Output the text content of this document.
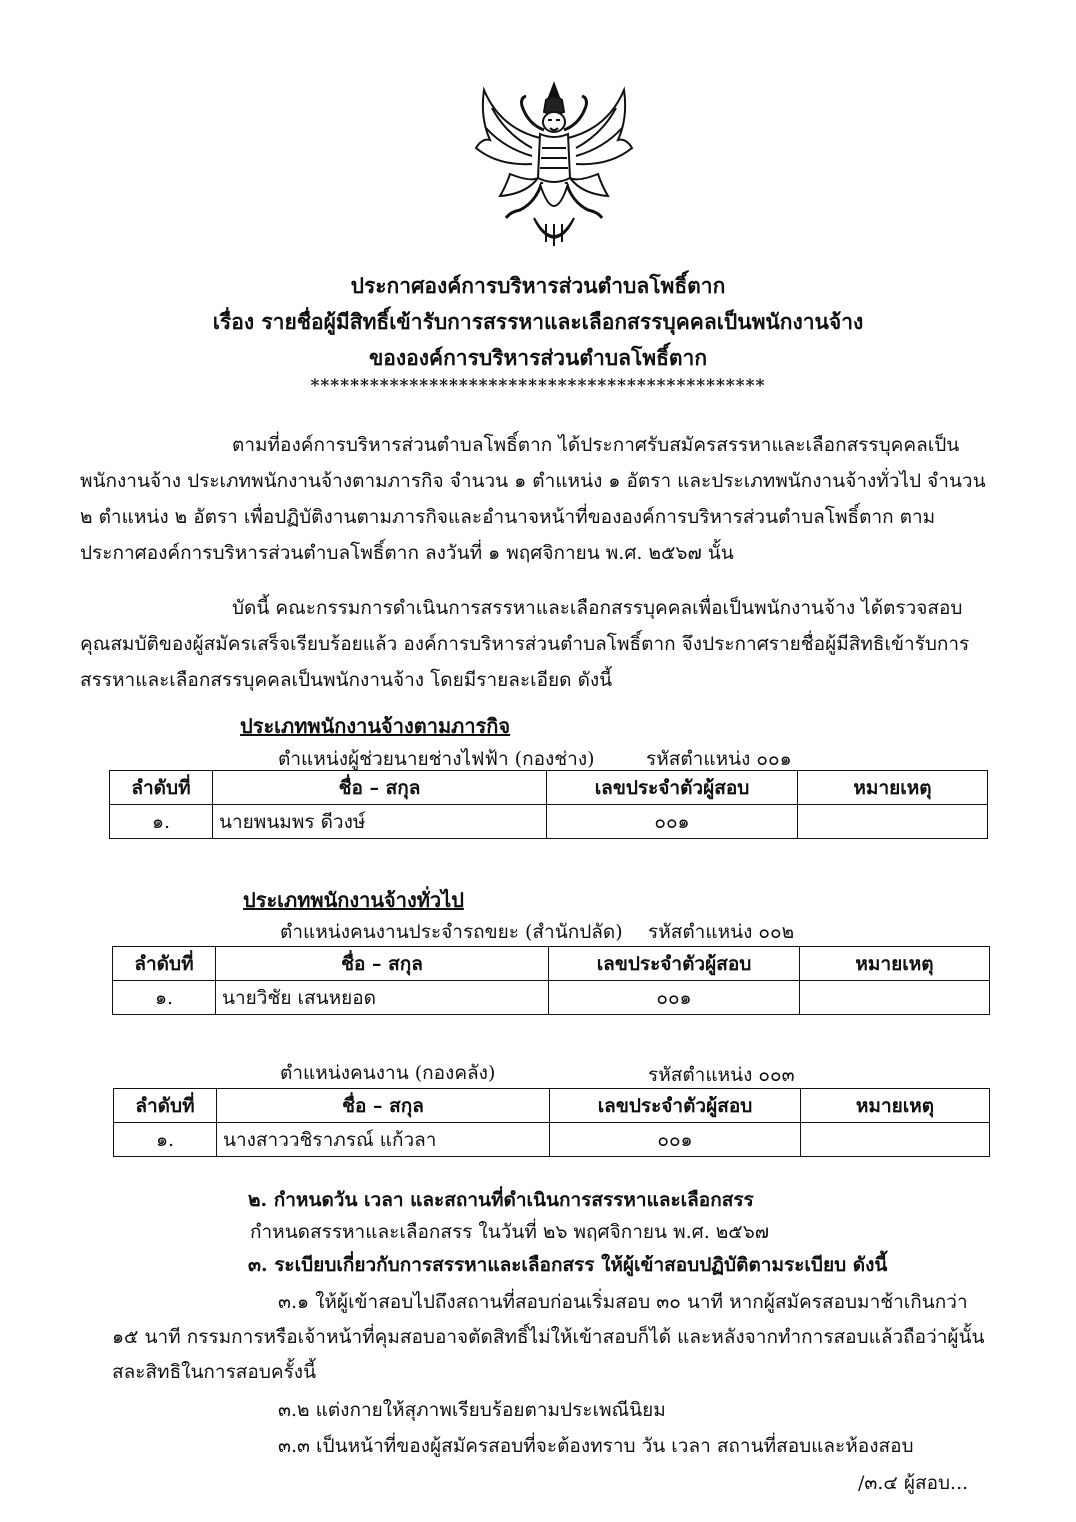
ประกาศองค์การบริหารส่วนตำบลโพธิ์ตาก
เรื่อง รายชื่อผู้มีสิทธิ์เข้ารับการสรรหาและเลือกสรรบุคคลเป็นพนักงานจ้าง
ขององค์การบริหารส่วนตำบลโพธิ์ตาก
**********************************************
ตามที่องค์การบริหารส่วนตำบลโพธิ์ตาก ได้ประกาศรับสมัครสรรหาและเลือกสรรบุคคลเป็น
พนักงานจ้าง ประเภทพนักงานจ้างตามภารกิจ จำนวน ๑ ตำแหน่ง ๑ อัตรา และประเภทพนักงานจ้างทั่วไป จำนวน
๒ ตำแหน่ง ๒ อัตรา เพื่อปฏิบัติงานตามภารกิจและอำนาจหน้าที่ขององค์การบริหารส่วนตำบลโพธิ์ตาก ตาม
ประกาศองค์การบริหารส่วนตำบลโพธิ์ตาก ลงวันที่ ๑ พฤศจิกายน พ.ศ. ๒๕๖๗ นั้น
บัดนี้ คณะกรรมการดำเนินการสรรหาและเลือกสรรบุคคลเพื่อเป็นพนักงานจ้าง ได้ตรวจสอบ
คุณสมบัติของผู้สมัครเสร็จเรียบร้อยแล้ว องค์การบริหารส่วนตำบลโพธิ์ตาก จึงประกาศรายชื่อผู้มีสิทธิเข้ารับการ
สรรหาและเลือกสรรบุคคลเป็นพนักงานจ้าง โดยมีรายละเอียด ดังนี้
ประเภทพนักงานจ้างตามภารกิจ
ตำแหน่งผู้ช่วยนายช่างไฟฟ้า (กองช่าง)	รหัสตำแหน่ง ๐๐๑
ลำดับที่	ชื่อ – สกุล	เลขประจำตัวผู้สอบ	หมายเหตุ
๑.	นายพนมพร ดีวงษ์	๐๐๑	
ประเภทพนักงานจ้างทั่วไป
ตำแหน่งคนงานประจำรถขยะ (สำนักปลัด) รหัสตำแหน่ง ๐๐๒
ลำดับที่	ชื่อ – สกุล	เลขประจำตัวผู้สอบ	หมายเหตุ
๑.	นายวิชัย เสนหยอด	๐๐๑	
ตำแหน่งคนงาน (กองคลัง)	รหัสตำแหน่ง ๐๐๓
ลำดับที่	ชื่อ – สกุล	เลขประจำตัวผู้สอบ	หมายเหตุ
๑.	นางสาววชิราภรณ์ แก้วลา	๐๐๑	
๒. กำหนดวัน เวลา และสถานที่ดำเนินการสรรหาและเลือกสรร
กำหนดสรรหาและเลือกสรร ในวันที่ ๒๖ พฤศจิกายน พ.ศ. ๒๕๖๗
๓. ระเบียบเกี่ยวกับการสรรหาและเลือกสรร ให้ผู้เข้าสอบปฏิบัติตามระเบียบ ดังนี้
๓.๑ ให้ผู้เข้าสอบไปถึงสถานที่สอบก่อนเริ่มสอบ ๓๐ นาที หากผู้สมัครสอบมาช้าเกินกว่า
๑๕ นาที กรรมการหรือเจ้าหน้าที่คุมสอบอาจตัดสิทธิ์ไม่ให้เข้าสอบก็ได้ และหลังจากทำการสอบแล้วถือว่าผู้นั้น
สละสิทธิในการสอบครั้งนี้
๓.๒ แต่งกายให้สุภาพเรียบร้อยตามประเพณีนิยม
๓.๓ เป็นหน้าที่ของผู้สมัครสอบที่จะต้องทราบ วัน เวลา สถานที่สอบและห้องสอบ
/๓.๔ ผู้สอบ...
